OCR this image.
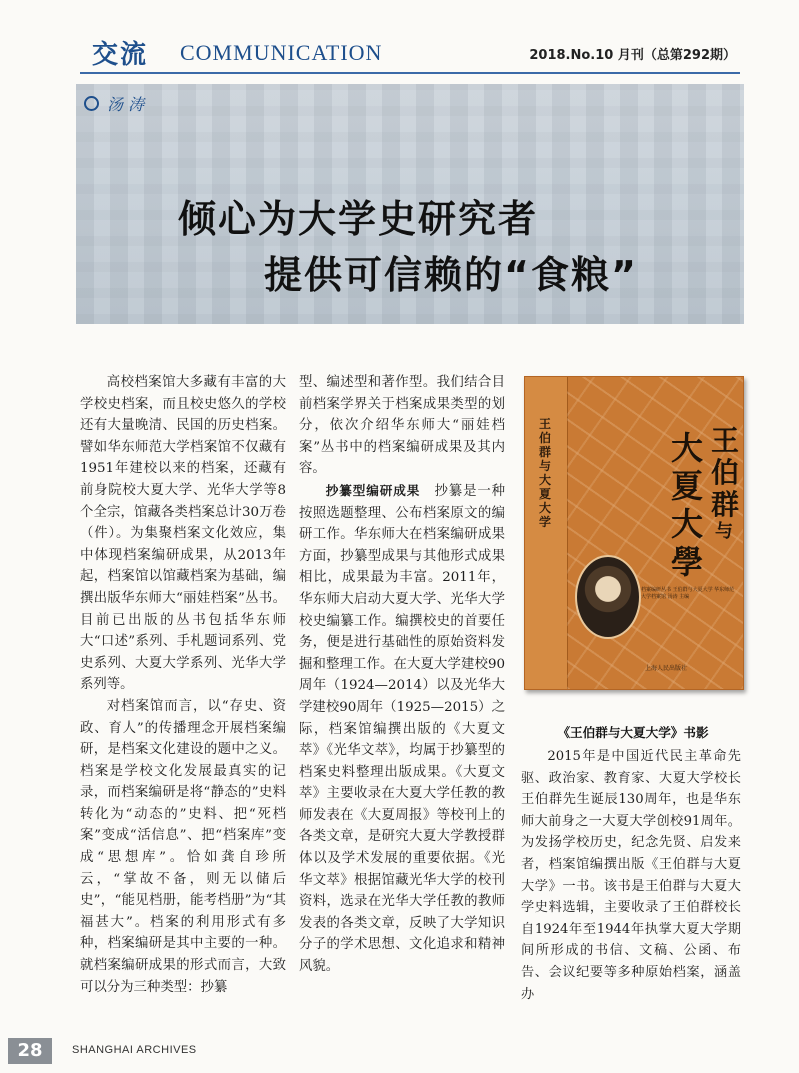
交流 COMMUNICATION	2018.No.10 月刊（总第292期）
汤 涛
倾心为大学史研究者
提供可信赖的“食粮”

高校档案馆大多藏有丰富的大学校史档案，而且校史悠久的学校还有大量晚清、民国的历史档案。譬如华东师范大学档案馆不仅藏有1951年建校以来的档案，还藏有前身院校大夏大学、光华大学等8个全宗，馆藏各类档案总计30万卷（件）。为集聚档案文化效应，集中体现档案编研成果，从2013年起，档案馆以馆藏档案为基础，编撰出版华东师大“丽娃档案”丛书。目前已出版的丛书包括华东师大“口述”系列、手札题词系列、党史系列、大夏大学系列、光华大学系列等。

对档案馆而言，以“存史、资政、育人”的传播理念开展档案编研，是档案文化建设的题中之义。档案是学校文化发展最真实的记录，而档案编研是将“静态的”史料转化为“动态的”史料、把“死档案”变成“活信息”、把“档案库”变成“思想库”。恰如龚自珍所云，“掌故不备，则无以储后史”，“能见档册，能考档册”为“其福甚大”。档案的利用形式有多种，档案编研是其中主要的一种。就档案编研成果的形式而言，大致可以分为三种类型：抄纂

型、编述型和著作型。我们结合目前档案学界关于档案成果类型的划分，依次介绍华东师大“丽娃档案”丛书中的档案编研成果及其内容。

抄纂型编研成果　 抄纂是一种按照选题整理、公布档案原文的编研工作。华东师大在档案编研成果方面，抄纂型成果与其他形式成果相比，成果最为丰富。2011年，华东师大启动大夏大学、光华大学校史编纂工作。编撰校史的首要任务，便是进行基础性的原始资料发掘和整理工作。在大夏大学建校90周年（1924—2014）以及光华大学建校90周年（1925—2015）之际，档案馆编撰出版的《大夏文萃》《光华文萃》，均属于抄纂型的档案史料整理出版成果。《大夏文萃》主要收录在大夏大学任教的教师发表在《大夏周报》等校刊上的各类文章，是研究大夏大学教授群体以及学术发展的重要依据。《光华文萃》根据馆藏光华大学的校刊资料，选录在光华大学任教的教师发表的各类文章，反映了大学知识分子的学术思想、文化追求和精神风貌。

王伯群与大夏大学
王
伯
群
与
大
夏
大
學
档案编研丛书 王伯群与大夏大学 华东师范大学档案馆 汤涛 主编
上海人民出版社
《王伯群与大夏大学》书影

2015年是中国近代民主革命先驱、政治家、教育家、大夏大学校长王伯群先生诞辰130周年，也是华东师大前身之一大夏大学创校91周年。为发扬学校历史，纪念先贤、启发来者，档案馆编撰出版《王伯群与大夏大学》一书。该书是王伯群与大夏大学史料选辑，主要收录了王伯群校长自1924年至1944年执掌大夏大学期间所形成的书信、文稿、公函、布告、会议纪要等多种原始档案，涵盖办

28	SHANGHAI ARCHIVES
